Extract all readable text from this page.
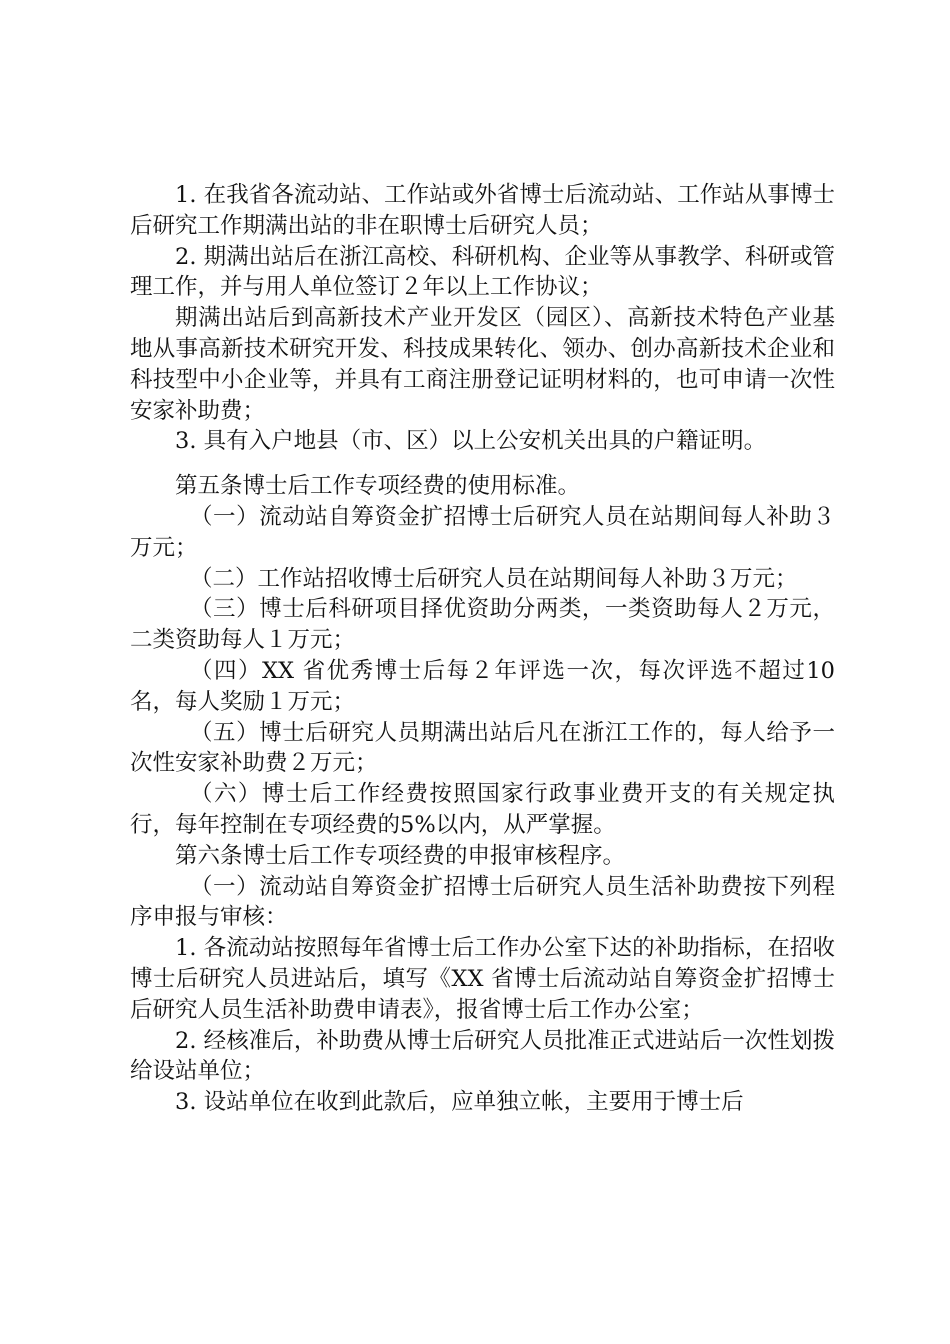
1. 在我省各流动站、工作站或外省博士后流动站、工作站从事博士后研究工作期满出站的非在职博士后研究人员；

2. 期满出站后在浙江高校、科研机构、企业等从事教学、科研或管理工作，并与用人单位签订２年以上工作协议；

期满出站后到高新技术产业开发区（园区）、高新技术特色产业基地从事高新技术研究开发、科技成果转化、领办、创办高新技术企业和科技型中小企业等，并具有工商注册登记证明材料的，也可申请一次性安家补助费；

3. 具有入户地县（市、区）以上公安机关出具的户籍证明。

第五条博士后工作专项经费的使用标准。

（一）流动站自筹资金扩招博士后研究人员在站期间每人补助３万元；

（二）工作站招收博士后研究人员在站期间每人补助３万元；

（三）博士后科研项目择优资助分两类，一类资助每人２万元，二类资助每人１万元；

（四）XX 省优秀博士后每２年评选一次，每次评选不超过10 名，每人奖励１万元；

（五）博士后研究人员期满出站后凡在浙江工作的，每人给予一次性安家补助费２万元；

（六）博士后工作经费按照国家行政事业费开支的有关规定执行，每年控制在专项经费的5%以内，从严掌握。

第六条博士后工作专项经费的申报审核程序。

（一）流动站自筹资金扩招博士后研究人员生活补助费按下列程序申报与审核：

1. 各流动站按照每年省博士后工作办公室下达的补助指标，在招收博士后研究人员进站后，填写《XX 省博士后流动站自筹资金扩招博士后研究人员生活补助费申请表》，报省博士后工作办公室；

2. 经核准后，补助费从博士后研究人员批准正式进站后一次性划拨给设站单位；

3. 设站单位在收到此款后，应单独立帐，主要用于博士后
